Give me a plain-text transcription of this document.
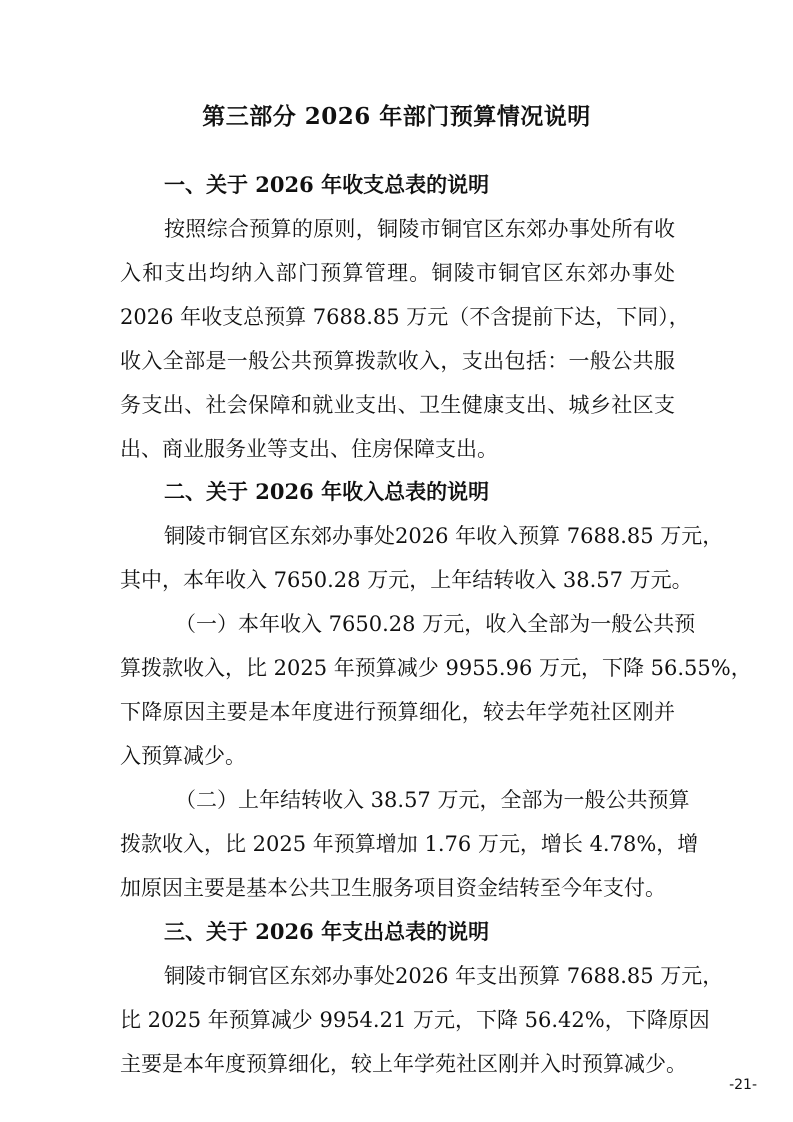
第三部分 2026 年部门预算情况说明
一、关于 2026 年收支总表的说明
按照综合预算的原则，铜陵市铜官区东郊办事处所有收
入和支出均纳入部门预算管理。铜陵市铜官区东郊办事处
2026 年收支总预算 7688.85 万元（不含提前下达，下同），
收入全部是一般公共预算拨款收入，支出包括：一般公共服
务支出、社会保障和就业支出、卫生健康支出、城乡社区支
出、商业服务业等支出、住房保障支出。
二、关于 2026 年收入总表的说明
铜陵市铜官区东郊办事处2026 年收入预算 7688.85 万元，
其中，本年收入 7650.28 万元，上年结转收入 38.57 万元。
（一）本年收入 7650.28 万元，收入全部为一般公共预
算拨款收入，比 2025 年预算减少 9955.96 万元，下降 56.55%，
下降原因主要是本年度进行预算细化，较去年学苑社区刚并
入预算减少。
（二）上年结转收入 38.57 万元，全部为一般公共预算
拨款收入，比 2025 年预算增加 1.76 万元，增长 4.78%，增
加原因主要是基本公共卫生服务项目资金结转至今年支付。
三、关于 2026 年支出总表的说明
铜陵市铜官区东郊办事处2026 年支出预算 7688.85 万元，
比 2025 年预算减少 9954.21 万元，下降 56.42%，下降原因
主要是本年度预算细化，较上年学苑社区刚并入时预算减少。
-21-
